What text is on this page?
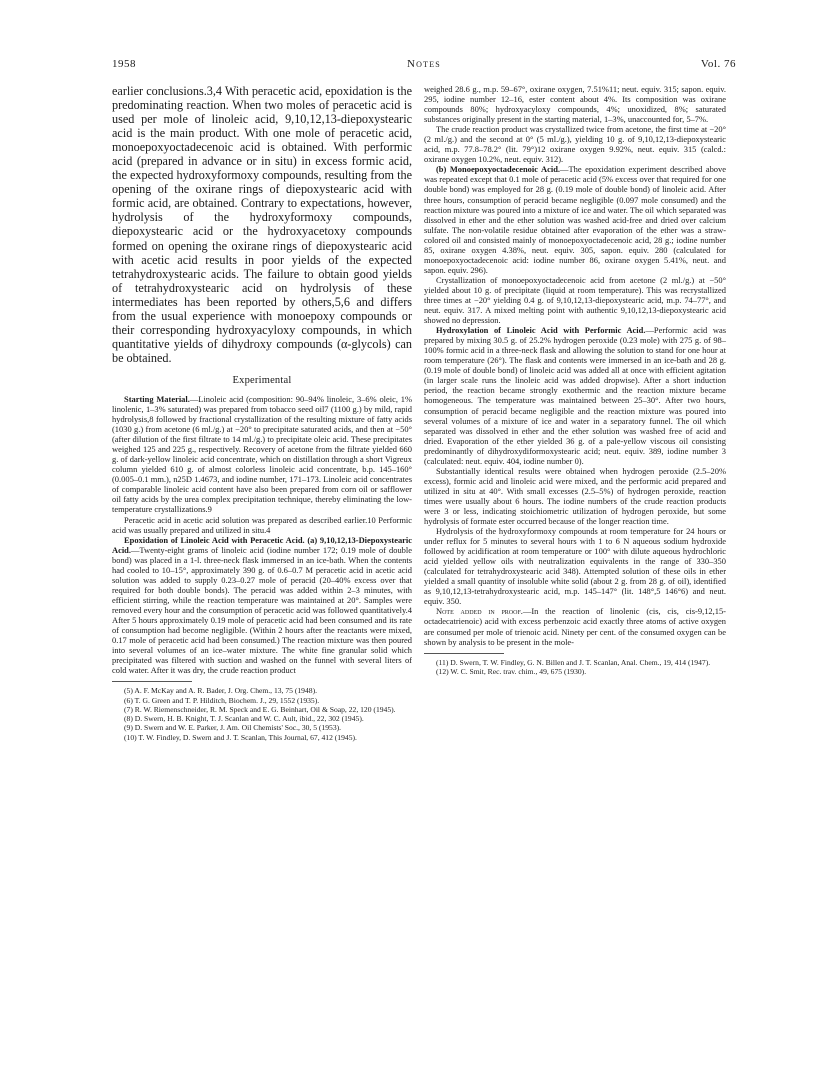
1958	Notes	Vol. 76

earlier conclusions.3,4 With peracetic acid, epoxidation is the predominating reaction. When two moles of peracetic acid is used per mole of linoleic acid, 9,10,12,13-diepoxystearic acid is the main product. With one mole of peracetic acid, monoepoxyoctadecenoic acid is obtained. With performic acid (prepared in advance or in situ) in excess formic acid, the expected hydroxyformoxy compounds, resulting from the opening of the oxirane rings of diepoxystearic acid with formic acid, are obtained. Contrary to expectations, however, hydrolysis of the hydroxyformoxy compounds, diepoxystearic acid or the hydroxyacetoxy compounds formed on opening the oxirane rings of diepoxystearic acid with acetic acid results in poor yields of the expected tetrahydroxystearic acids. The failure to obtain good yields of tetrahydroxystearic acid on hydrolysis of these intermediates has been reported by others,5,6 and differs from the usual experience with monoepoxy compounds or their corresponding hydroxyacyloxy compounds, in which quantitative yields of dihydroxy compounds (α-glycols) can be obtained.

Experimental

Starting Material.—Linoleic acid (composition: 90–94% linoleic, 3–6% oleic, 1% linolenic, 1–3% saturated) was prepared from tobacco seed oil7 (1100 g.) by mild, rapid hydrolysis,8 followed by fractional crystallization of the resulting mixture of fatty acids (1030 g.) from acetone (6 ml./g.) at −20° to precipitate saturated acids, and then at −50° (after dilution of the first filtrate to 14 ml./g.) to precipitate oleic acid. These precipitates weighed 125 and 225 g., respectively. Recovery of acetone from the filtrate yielded 660 g. of dark-yellow linoleic acid concentrate, which on distillation through a short Vigreux column yielded 610 g. of almost colorless linoleic acid concentrate, b.p. 145–160° (0.005–0.1 mm.), n25D 1.4673, and iodine number, 171–173. Linoleic acid concentrates of comparable linoleic acid content have also been prepared from corn oil or safflower oil fatty acids by the urea complex precipitation technique, thereby eliminating the low-temperature crystallizations.9

Peracetic acid in acetic acid solution was prepared as described earlier.10 Performic acid was usually prepared and utilized in situ.4

Epoxidation of Linoleic Acid with Peracetic Acid. (a) 9,10,12,13-Diepoxystearic Acid.—Twenty-eight grams of linoleic acid (iodine number 172; 0.19 mole of double bond) was placed in a 1-l. three-neck flask immersed in an ice-bath. When the contents had cooled to 10–15°, approximately 390 g. of 0.6–0.7 M peracetic acid in acetic acid solution was added to supply 0.23–0.27 mole of peracid (20–40% excess over that required for both double bonds). The peracid was added within 2–3 minutes, with efficient stirring, while the reaction temperature was maintained at 20°. Samples were removed every hour and the consumption of peracetic acid was followed quantitatively.4 After 5 hours approximately 0.19 mole of peracetic acid had been consumed and its rate of consumption had become negligible. (Within 2 hours after the reactants were mixed, 0.17 mole of peracetic acid had been consumed.) The reaction mixture was then poured into several volumes of an ice–water mixture. The white fine granular solid which precipitated was filtered with suction and washed on the funnel with several liters of cold water. After it was dry, the crude reaction product

(5) A. F. McKay and A. R. Bader, J. Org. Chem., 13, 75 (1948).

(6) T. G. Green and T. P. Hilditch, Biochem. J., 29, 1552 (1935).

(7) R. W. Riemenschneider, R. M. Speck and E. G. Beinhart, Oil & Soap, 22, 120 (1945).

(8) D. Swern, H. B. Knight, T. J. Scanlan and W. C. Ault, ibid., 22, 302 (1945).

(9) D. Swern and W. E. Parker, J. Am. Oil Chemists' Soc., 30, 5 (1953).

(10) T. W. Findley, D. Swern and J. T. Scanlan, This Journal, 67, 412 (1945).

weighed 28.6 g., m.p. 59–67°, oxirane oxygen, 7.51%11; neut. equiv. 315; sapon. equiv. 295, iodine number 12–16, ester content about 4%. Its composition was oxirane compounds 80%; hydroxyacyloxy compounds, 4%; unoxidized, 8%; saturated substances originally present in the starting material, 1–3%, unaccounted for, 5–7%.

The crude reaction product was crystallized twice from acetone, the first time at −20° (2 ml./g.) and the second at 0° (5 ml./g.), yielding 10 g. of 9,10,12,13-diepoxystearic acid, m.p. 77.8–78.2° (lit. 79°)12 oxirane oxygen 9.92%, neut. equiv. 315 (calcd.: oxirane oxygen 10.2%, neut. equiv. 312).

(b) Monoepoxyoctadecenoic Acid.—The epoxidation experiment described above was repeated except that 0.1 mole of peracetic acid (5% excess over that required for one double bond) was employed for 28 g. (0.19 mole of double bond) of linoleic acid. After three hours, consumption of peracid became negligible (0.097 mole consumed) and the reaction mixture was poured into a mixture of ice and water. The oil which separated was dissolved in ether and the ether solution was washed acid-free and dried over calcium sulfate. The non-volatile residue obtained after evaporation of the ether was a straw-colored oil and consisted mainly of monoepoxyoctadecenoic acid, 28 g.; iodine number 85, oxirane oxygen 4.38%, neut. equiv. 305, sapon. equiv. 280 (calculated for monoepoxyoctadecenoic acid: iodine number 86, oxirane oxygen 5.41%, neut. and sapon. equiv. 296).

Crystallization of monoepoxyoctadecenoic acid from acetone (2 ml./g.) at −50° yielded about 10 g. of precipitate (liquid at room temperature). This was recrystallized three times at −20° yielding 0.4 g. of 9,10,12,13-diepoxystearic acid, m.p. 74–77°, and neut. equiv. 317. A mixed melting point with authentic 9,10,12,13-diepoxystearic acid showed no depression.

Hydroxylation of Linoleic Acid with Performic Acid.—Performic acid was prepared by mixing 30.5 g. of 25.2% hydrogen peroxide (0.23 mole) with 275 g. of 98–100% formic acid in a three-neck flask and allowing the solution to stand for one hour at room temperature (26°). The flask and contents were immersed in an ice-bath and 28 g. (0.19 mole of double bond) of linoleic acid was added all at once with efficient agitation (in larger scale runs the linoleic acid was added dropwise). After a short induction period, the reaction became strongly exothermic and the reaction mixture became homogeneous. The temperature was maintained between 25–30°. After two hours, consumption of peracid became negligible and the reaction mixture was poured into several volumes of a mixture of ice and water in a separatory funnel. The oil which separated was dissolved in ether and the ether solution was washed free of acid and dried. Evaporation of the ether yielded 36 g. of a pale-yellow viscous oil consisting predominantly of dihydroxydiformoxystearic acid; neut. equiv. 389, iodine number 3 (calculated: neut. equiv. 404, iodine number 0).

Substantially identical results were obtained when hydrogen peroxide (2.5–20% excess), formic acid and linoleic acid were mixed, and the performic acid prepared and utilized in situ at 40°. With small excesses (2.5–5%) of hydrogen peroxide, reaction times were usually about 6 hours. The iodine numbers of the crude reaction products were 3 or less, indicating stoichiometric utilization of hydrogen peroxide, but some hydrolysis of formate ester occurred because of the longer reaction time.

Hydrolysis of the hydroxyformoxy compounds at room temperature for 24 hours or under reflux for 5 minutes to several hours with 1 to 6 N aqueous sodium hydroxide followed by acidification at room temperature or 100° with dilute aqueous hydrochloric acid yielded yellow oils with neutralization equivalents in the range of 330–350 (calculated for tetrahydroxystearic acid 348). Attempted solution of these oils in ether yielded a small quantity of insoluble white solid (about 2 g. from 28 g. of oil), identified as 9,10,12,13-tetrahydroxystearic acid, m.p. 145–147° (lit. 148°,5 146°6) and neut. equiv. 350.

Note added in proof.—In the reaction of linolenic (cis, cis, cis-9,12,15-octadecatrienoic) acid with excess perbenzoic acid exactly three atoms of active oxygen are consumed per mole of trienoic acid. Ninety per cent. of the consumed oxygen can be shown by analysis to be present in the mole-

(11) D. Swern, T. W. Findley, G. N. Billen and J. T. Scanlan, Anal. Chem., 19, 414 (1947).

(12) W. C. Smit, Rec. trav. chim., 49, 675 (1930).
